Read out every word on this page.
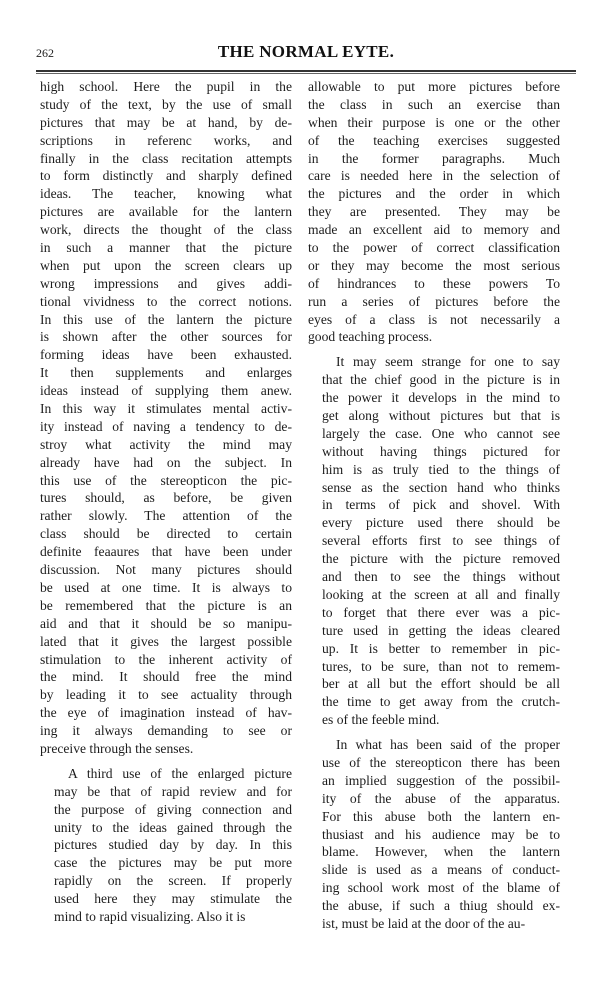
262	THE NORMAL EYTE.
high school. Here the pupil in the
study of the text, by the use of small
pictures that may be at hand, by de-
scriptions in referenc works, and
finally in the class recitation attempts
to form distinctly and sharply defined
ideas. The teacher, knowing what
pictures are available for the lantern
work, directs the thought of the class
in such a manner that the picture
when put upon the screen clears up
wrong impressions and gives addi-
tional vividness to the correct notions.
In this use of the lantern the picture
is shown after the other sources for
forming ideas have been exhausted.
It then supplements and enlarges
ideas instead of supplying them anew.
In this way it stimulates mental activ-
ity instead of naving a tendency to de-
stroy what activity the mind may
already have had on the subject. In
this use of the stereopticon the pic-
tures should, as before, be given
rather slowly. The attention of the
class should be directed to certain
definite feaaures that have been under
discussion. Not many pictures should
be used at one time. It is always to
be remembered that the picture is an
aid and that it should be so manipu-
lated that it gives the largest possible
stimulation to the inherent activity of
the mind. It should free the mind
by leading it to see actuality through
the eye of imagination instead of hav-
ing it always demanding to see or
preceive through the senses.
A third use of the enlarged picture
may be that of rapid review and for
the purpose of giving connection and
unity to the ideas gained through the
pictures studied day by day. In this
case the pictures may be put more
rapidly on the screen. If properly
used here they may stimulate the
mind to rapid visualizing. Also it is
allowable to put more pictures before
the class in such an exercise than
when their purpose is one or the other
of the teaching exercises suggested
in the former paragraphs. Much
care is needed here in the selection of
the pictures and the order in which
they are presented. They may be
made an excellent aid to memory and
to the power of correct classification
or they may become the most serious
of hindrances to these powers To
run a series of pictures before the
eyes of a class is not necessarily a
good teaching process.
It may seem strange for one to say
that the chief good in the picture is in
the power it develops in the mind to
get along without pictures but that is
largely the case. One who cannot see
without having things pictured for
him is as truly tied to the things of
sense as the section hand who thinks
in terms of pick and shovel. With
every picture used there should be
several efforts first to see things of
the picture with the picture removed
and then to see the things without
looking at the screen at all and finally
to forget that there ever was a pic-
ture used in getting the ideas cleared
up. It is better to remember in pic-
tures, to be sure, than not to remem-
ber at all but the effort should be all
the time to get away from the crutch-
es of the feeble mind.
In what has been said of the proper
use of the stereopticon there has been
an implied suggestion of the possibil-
ity of the abuse of the apparatus.
For this abuse both the lantern en-
thusiast and his audience may be to
blame. However, when the lantern
slide is used as a means of conduct-
ing school work most of the blame of
the abuse, if such a thiug should ex-
ist, must be laid at the door of the au-
